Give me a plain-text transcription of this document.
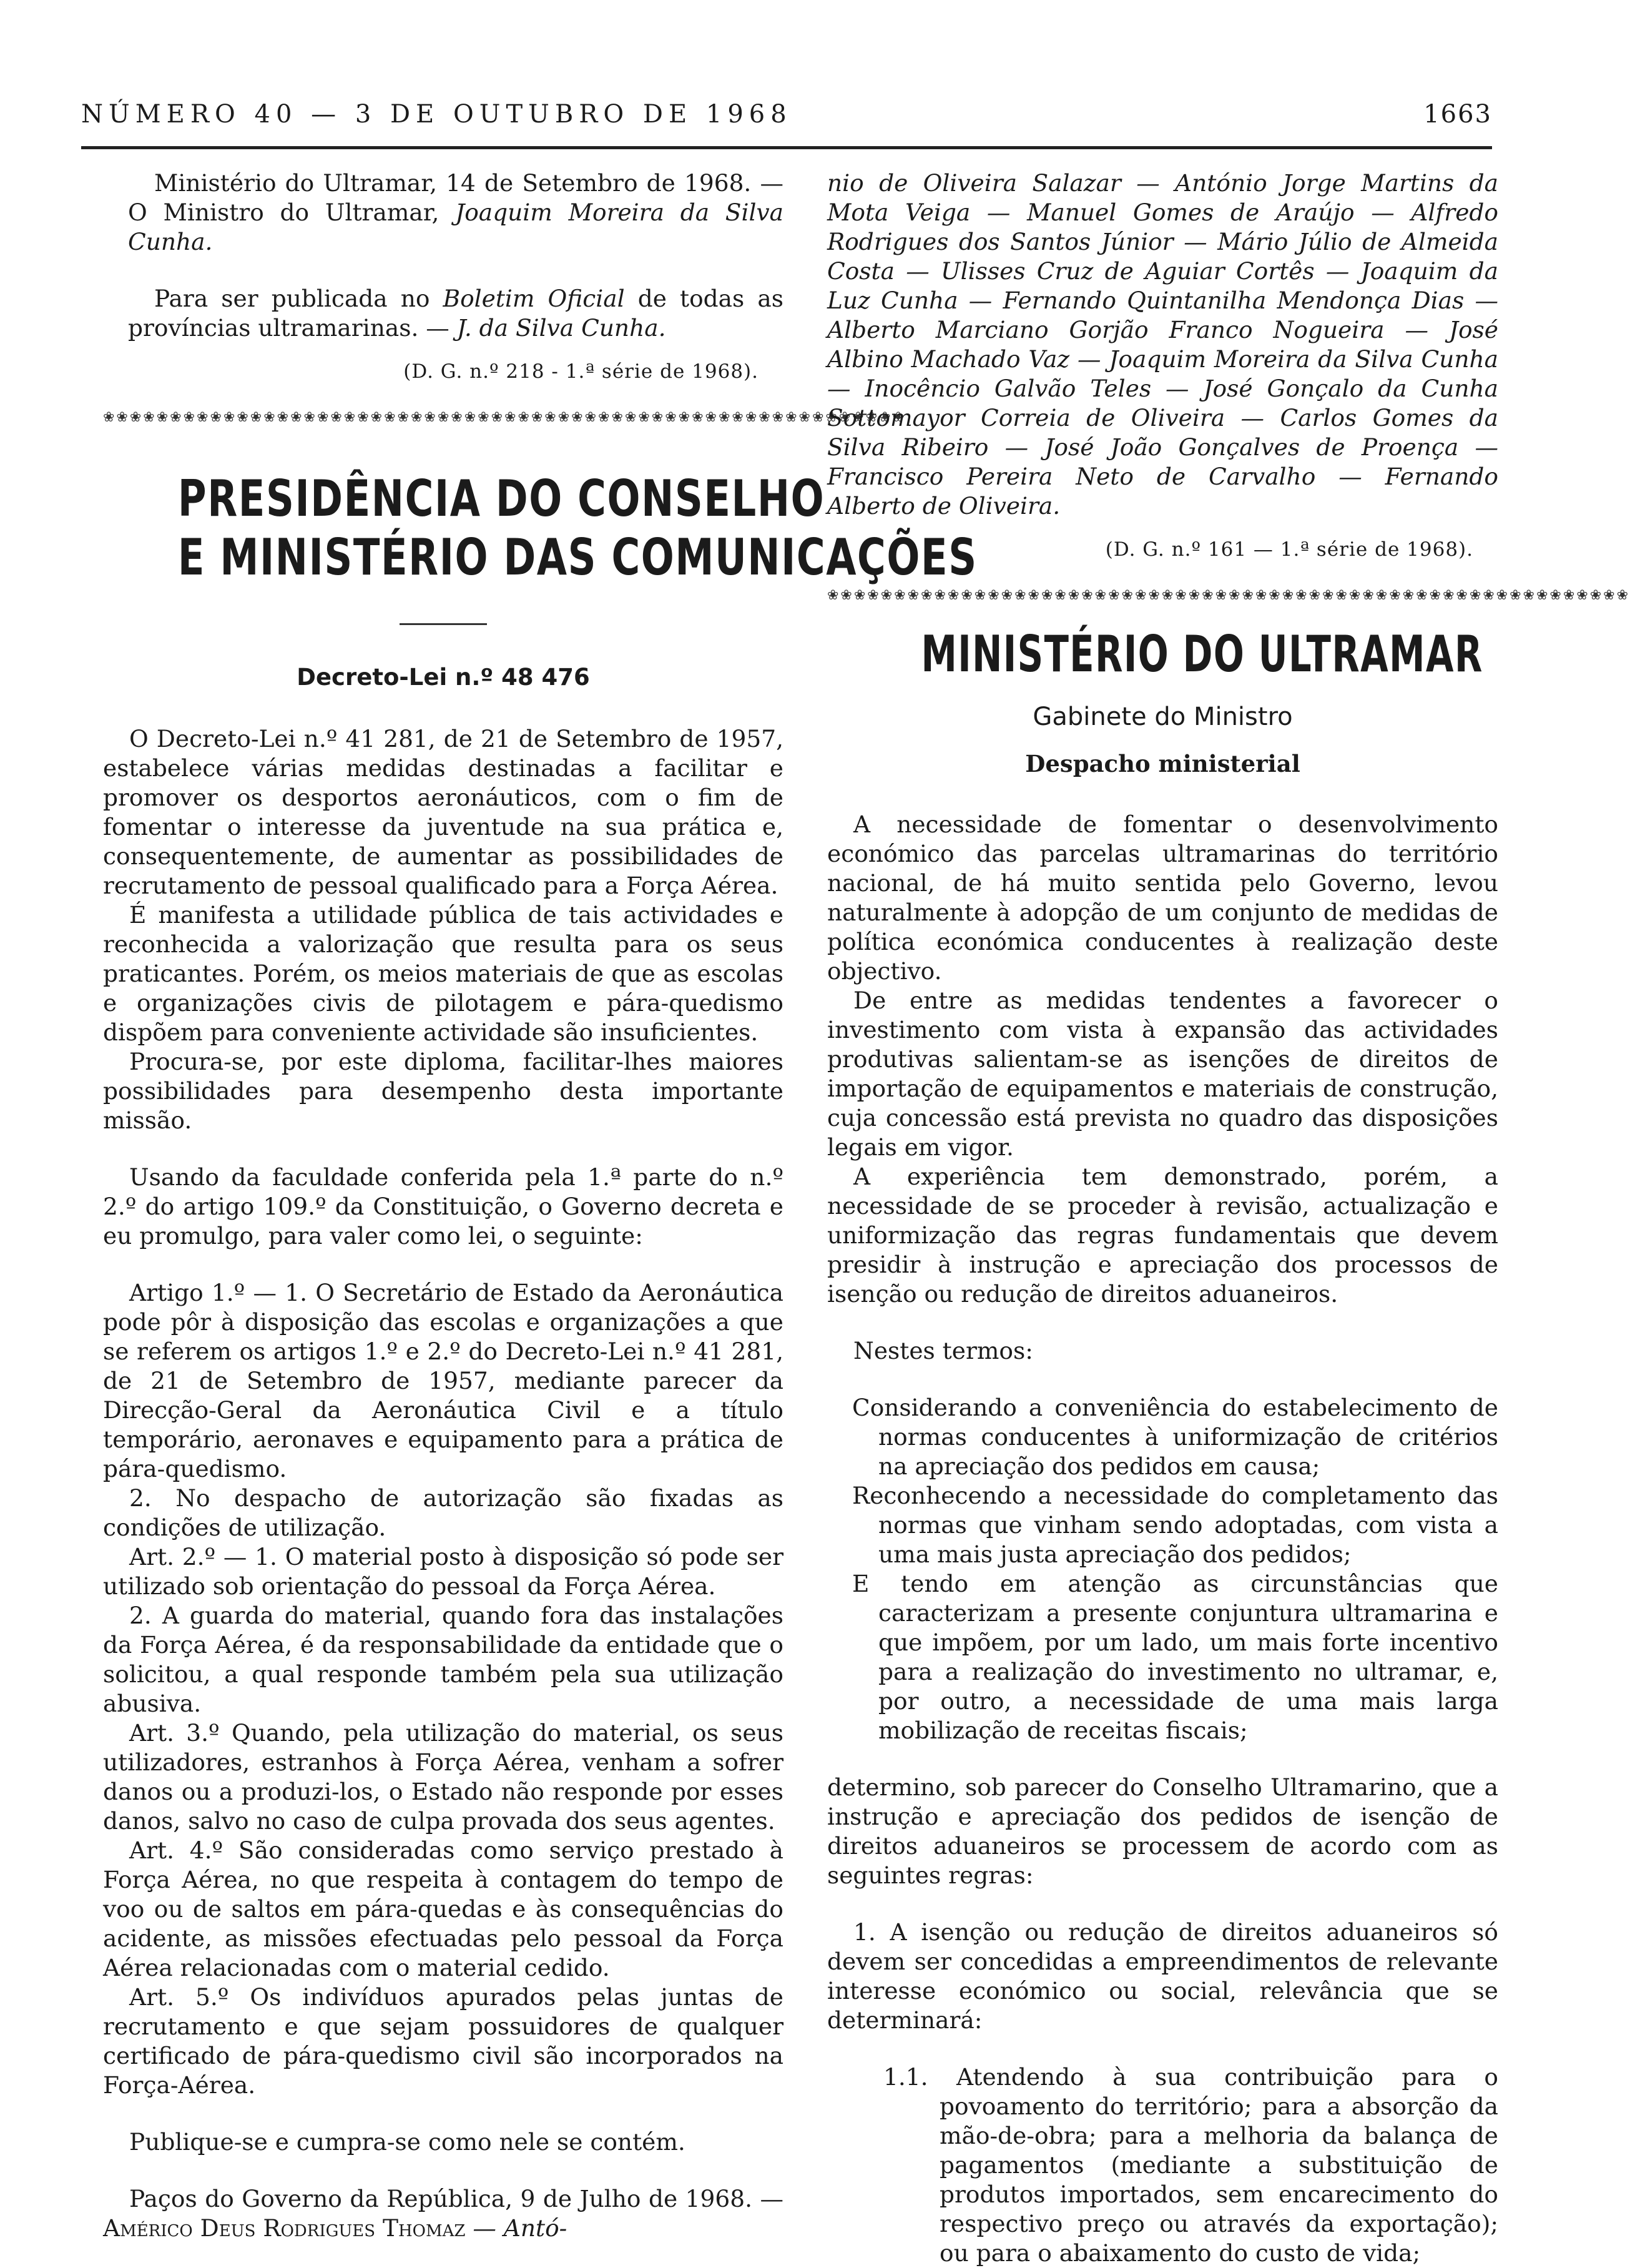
NÚMERO 40 — 3 DE OUTUBRO DE 1968	1663

Ministério do Ultramar, 14 de Setembro de 1968. — O Ministro do Ultramar, Joaquim Moreira da Silva Cunha.

Para ser publicada no Boletim Oficial de todas as províncias ultramarinas. — J. da Silva Cunha.

(D. G. n.º 218 - 1.ª série de 1968).
❀❀❀❀❀❀❀❀❀❀❀❀❀❀❀❀❀❀❀❀❀❀❀❀❀❀❀❀❀❀❀❀❀❀❀❀❀❀❀❀❀❀❀❀❀❀❀❀❀❀❀❀❀❀❀❀❀❀❀❀
PRESIDÊNCIA DO CONSELHO
E MINISTÉRIO DAS COMUNICAÇÕES
Decreto-Lei n.º 48 476

O Decreto-Lei n.º 41 281, de 21 de Setembro de 1957, estabelece várias medidas destinadas a facilitar e promover os desportos aeronáuticos, com o fim de fomentar o interesse da juventude na sua prática e, consequentemente, de aumentar as possibilidades de recrutamento de pessoal qualificado para a Força Aérea.

É manifesta a utilidade pública de tais actividades e reconhecida a valorização que resulta para os seus praticantes. Porém, os meios materiais de que as escolas e organizações civis de pilotagem e pára-quedismo dispõem para conveniente actividade são insuficientes.

Procura-se, por este diploma, facilitar-lhes maiores possibilidades para desempenho desta importante missão.

Usando da faculdade conferida pela 1.ª parte do n.º 2.º do artigo 109.º da Constituição, o Governo decreta e eu promulgo, para valer como lei, o seguinte:

Artigo 1.º — 1. O Secretário de Estado da Aeronáutica pode pôr à disposição das escolas e organizações a que se referem os artigos 1.º e 2.º do Decreto-Lei n.º 41 281, de 21 de Setembro de 1957, mediante parecer da Direcção-Geral da Aeronáutica Civil e a título temporário, aeronaves e equipamento para a prática de pára-quedismo.

2. No despacho de autorização são fixadas as condições de utilização.

Art. 2.º — 1. O material posto à disposição só pode ser utilizado sob orientação do pessoal da Força Aérea.

2. A guarda do material, quando fora das instalações da Força Aérea, é da responsabilidade da entidade que o solicitou, a qual responde também pela sua utilização abusiva.

Art. 3.º Quando, pela utilização do material, os seus utilizadores, estranhos à Força Aérea, venham a sofrer danos ou a produzi-los, o Estado não responde por esses danos, salvo no caso de culpa provada dos seus agentes.

Art. 4.º São consideradas como serviço prestado à Força Aérea, no que respeita à contagem do tempo de voo ou de saltos em pára-quedas e às consequências do acidente, as missões efectuadas pelo pessoal da Força Aérea relacionadas com o material cedido.

Art. 5.º Os indivíduos apurados pelas juntas de recrutamento e que sejam possuidores de qualquer certificado de pára-quedismo civil são incorporados na Força-Aérea.

Publique-se e cumpra-se como nele se contém.

Paços do Governo da República, 9 de Julho de 1968. — Américo Deus Rodrigues Thomaz — Antó-

nio de Oliveira Salazar — António Jorge Martins da Mota Veiga — Manuel Gomes de Araújo — Alfredo Rodrigues dos Santos Júnior — Mário Júlio de Almeida Costa — Ulisses Cruz de Aguiar Cortês — Joaquim da Luz Cunha — Fernando Quintanilha Mendonça Dias — Alberto Marciano Gorjão Franco Nogueira — José Albino Machado Vaz — Joaquim Moreira da Silva Cunha — Inocêncio Galvão Teles — José Gonçalo da Cunha Sottomayor Correia de Oliveira — Carlos Gomes da Silva Ribeiro — José João Gonçalves de Proença — Francisco Pereira Neto de Carvalho — Fernando Alberto de Oliveira.

(D. G. n.º 161 — 1.ª série de 1968).
❀❀❀❀❀❀❀❀❀❀❀❀❀❀❀❀❀❀❀❀❀❀❀❀❀❀❀❀❀❀❀❀❀❀❀❀❀❀❀❀❀❀❀❀❀❀❀❀❀❀❀❀❀❀❀❀❀❀❀❀
MINISTÉRIO DO ULTRAMAR
Gabinete do Ministro
Despacho ministerial

A necessidade de fomentar o desenvolvimento económico das parcelas ultramarinas do território nacional, de há muito sentida pelo Governo, levou naturalmente à adopção de um conjunto de medidas de política económica conducentes à realização deste objectivo.

De entre as medidas tendentes a favorecer o investimento com vista à expansão das actividades produtivas salientam-se as isenções de direitos de importação de equipamentos e materiais de construção, cuja concessão está prevista no quadro das disposições legais em vigor.

A experiência tem demonstrado, porém, a necessidade de se proceder à revisão, actualização e uniformização das regras fundamentais que devem presidir à instrução e apreciação dos processos de isenção ou redução de direitos aduaneiros.

Nestes termos:

Considerando a conveniência do estabelecimento de normas conducentes à uniformização de critérios na apreciação dos pedidos em causa;

Reconhecendo a necessidade do completamento das normas que vinham sendo adoptadas, com vista a uma mais justa apreciação dos pedidos;

E tendo em atenção as circunstâncias que caracterizam a presente conjuntura ultramarina e que impõem, por um lado, um mais forte incentivo para a realização do investimento no ultramar, e, por outro, a necessidade de uma mais larga mobilização de receitas fiscais;

determino, sob parecer do Conselho Ultramarino, que a instrução e apreciação dos pedidos de isenção de direitos aduaneiros se processem de acordo com as seguintes regras:

1. A isenção ou redução de direitos aduaneiros só devem ser concedidas a empreendimentos de relevante interesse económico ou social, relevância que se determinará:

1.1. Atendendo à sua contribuição para o povoamento do território; para a absorção da mão-de-obra; para a melhoria da balança de pagamentos (mediante a substituição de produtos importados, sem encarecimento do respectivo preço ou através da exportação); ou para o abaixamento do custo de vida;
